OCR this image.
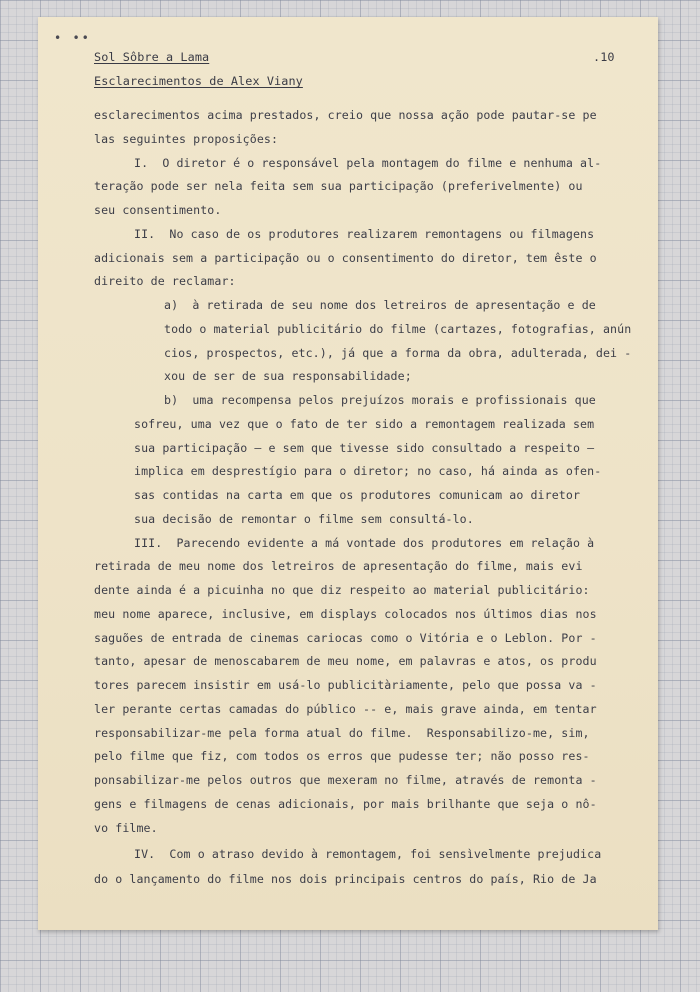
• ••
Sol Sôbre a Lama	.10
Esclarecimentos de Alex Viany
esclarecimentos acima prestados, creio que nossa ação pode pautar-se pe
las seguintes proposições:
I.  O diretor é o responsável pela montagem do filme e nenhuma al-
teração pode ser nela feita sem sua participação (preferivelmente) ou
seu consentimento.
II.  No caso de os produtores realizarem remontagens ou filmagens
adicionais sem a participação ou o consentimento do diretor, tem êste o
direito de reclamar:
a)  à retirada de seu nome dos letreiros de apresentação e de
todo o material publicitário do filme (cartazes, fotografias, anún
cios, prospectos, etc.), já que a forma da obra, adulterada, dei -
xou de ser de sua responsabilidade;
b)  uma recompensa pelos prejuízos morais e profissionais que
sofreu, uma vez que o fato de ter sido a remontagem realizada sem
sua participação — e sem que tivesse sido consultado a respeito —
implica em desprestígio para o diretor; no caso, há ainda as ofen-
sas contidas na carta em que os produtores comunicam ao diretor
sua decisão de remontar o filme sem consultá-lo.
III.  Parecendo evidente a má vontade dos produtores em relação à
retirada de meu nome dos letreiros de apresentação do filme, mais evi
dente ainda é a picuinha no que diz respeito ao material publicitário:
meu nome aparece, inclusive, em displays colocados nos últimos dias nos
saguões de entrada de cinemas cariocas como o Vitória e o Leblon. Por -
tanto, apesar de menoscabarem de meu nome, em palavras e atos, os produ
tores parecem insistir em usá-lo publicitàriamente, pelo que possa va -
ler perante certas camadas do público -- e, mais grave ainda, em tentar
responsabilizar-me pela forma atual do filme.  Responsabilizo-me, sim,
pelo filme que fiz, com todos os erros que pudesse ter; não posso res-
ponsabilizar-me pelos outros que mexeram no filme, através de remonta -
gens e filmagens de cenas adicionais, por mais brilhante que seja o nô-
vo filme.
IV.  Com o atraso devido à remontagem, foi sensìvelmente prejudica
do o lançamento do filme nos dois principais centros do país, Rio de Ja
